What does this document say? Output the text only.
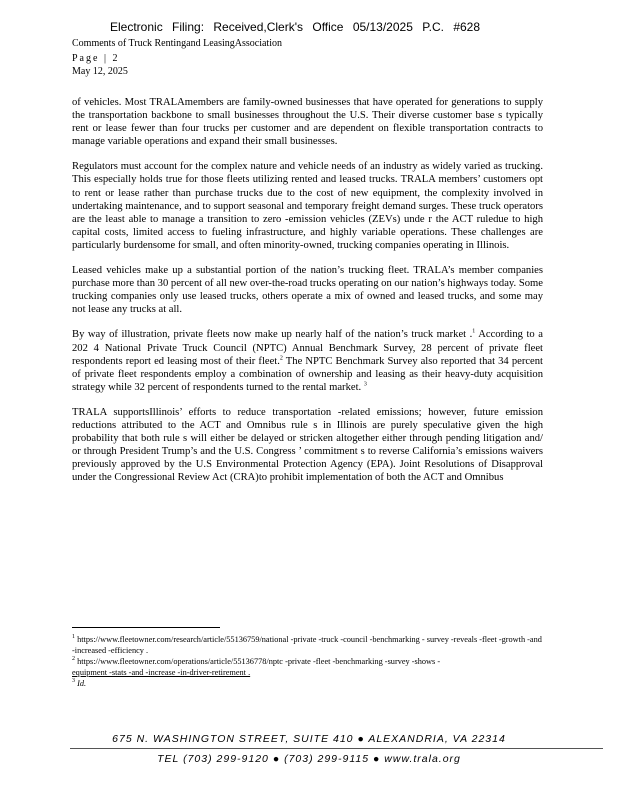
Electronic Filing: Received,Clerk's Office 05/13/2025 P.C. #628
Comments of Truck Rentingand LeasingAssociation
Page | 2
May 12, 2025

of vehicles. Most TRALAmembers are family-owned businesses that have operated for generations to supply the transportation backbone to small businesses throughout the U.S. Their diverse customer base s typically rent or lease fewer than four trucks per customer and are dependent on flexible transportation contracts to manage variable operations and expand their small businesses.

Regulators must account for the complex nature and vehicle needs of an industry as widely varied as trucking. This especially holds true for those fleets utilizing rented and leased trucks. TRALA members’ customers opt to rent or lease rather than purchase trucks due to the cost of new equipment, the complexity involved in undertaking maintenance, and to support seasonal and temporary freight demand surges. These truck operators are the least able to manage a transition to zero -emission vehicles (ZEVs) unde r the ACT ruledue to high capital costs, limited access to fueling infrastructure, and highly variable operations. These challenges are particularly burdensome for small, and often minority-owned, trucking companies operating in Illinois.

Leased vehicles make up a substantial portion of the nation’s trucking fleet. TRALA’s member companies purchase more than 30 percent of all new over-the-road trucks operating on our nation’s highways today. Some trucking companies only use leased trucks, others operate a mix of owned and leased trucks, and some may not lease any trucks at all.

By way of illustration, private fleets now make up nearly half of the nation’s truck market .$^1$ According to a 202 4 National Private Truck Council (NPTC) Annual Benchmark Survey, 28 percent of private fleet respondents report ed leasing most of their fleet.$^2$ The NPTC Benchmark Survey also reported that 34 percent of private fleet respondents employ a combination of ownership and leasing as their heavy-duty acquisition strategy while 32 percent of respondents turned to the rental market. $^3$

TRALA supportsIllinois’ efforts to reduce transportation -related emissions; however, future emission reductions attributed to the ACT and Omnibus rule s in Illinois are purely speculative given the high probability that both rule s will either be delayed or stricken altogether either through pending litigation and/ or through President Trump’s and the U.S. Congress ’ commitment s to reverse California’s emissions waivers previously approved by the U.S Environmental Protection Agency (EPA). Joint Resolutions of Disapproval under the Congressional Review Act (CRA)to prohibit implementation of both the ACT and Omnibus

$^1$ https://www.fleetowner.com/research/article/55136759/national -private -truck -council -benchmarking - survey -reveals -fleet -growth -and -increased -efficiency .

$^2$ https://www.fleetowner.com/operations/article/55136778/nptc -private -fleet -benchmarking -survey -shows -
equipment -stats -and -increase -in-driver-retirement .

$^3$ Id.

675 N. WASHINGTON STREET, SUITE 410 ● ALEXANDRIA, VA 22314
TEL (703) 299-9120 ● (703) 299-9115 ● www.trala.org
